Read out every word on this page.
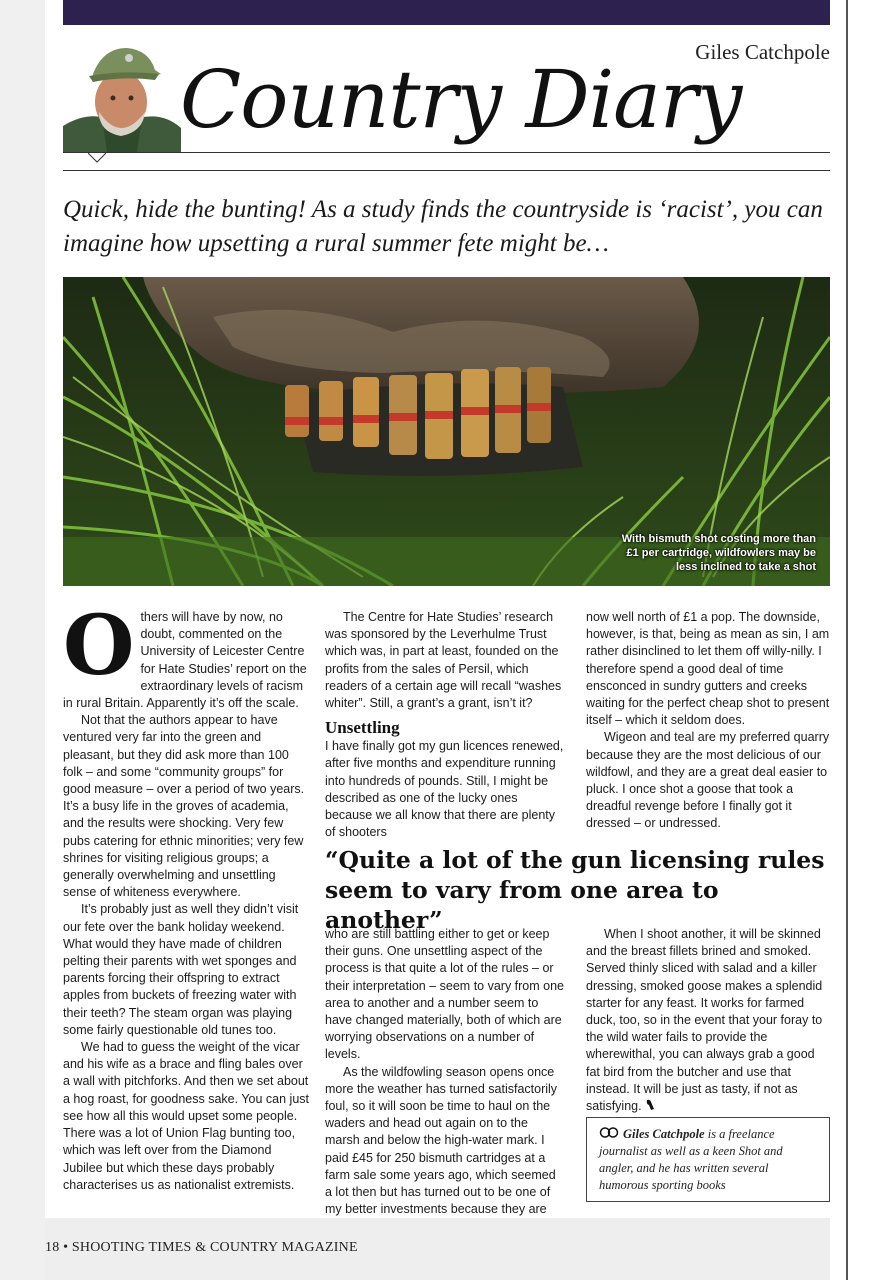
Giles Catchpole
Country Diary
Quick, hide the bunting! As a study finds the countryside is ‘racist’, you can imagine how upsetting a rural summer fete might be…
With bismuth shot costing more than £1 per cartridge, wildfowlers may be less inclined to take a shot

Others will have by now, no doubt, commented on the University of Leicester Centre for Hate Studies’ report on the extraordinary levels of racism in rural Britain. Apparently it’s off the scale.

Not that the authors appear to have ventured very far into the green and pleasant, but they did ask more than 100 folk – and some “community groups” for good measure – over a period of two years. It’s a busy life in the groves of academia, and the results were shocking. Very few pubs catering for ethnic minorities; very few shrines for visiting religious groups; a generally overwhelming and unsettling sense of whiteness everywhere.

It’s probably just as well they didn’t visit our fete over the bank holiday weekend. What would they have made of children pelting their parents with wet sponges and parents forcing their offspring to extract apples from buckets of freezing water with their teeth? The steam organ was playing some fairly questionable old tunes too.

We had to guess the weight of the vicar and his wife as a brace and fling bales over a wall with pitchforks. And then we set about a hog roast, for goodness sake. You can just see how all this would upset some people. There was a lot of Union Flag bunting too, which was left over from the Diamond Jubilee but which these days probably characterises us as nationalist extremists.

The Centre for Hate Studies’ research was sponsored by the Leverhulme Trust which was, in part at least, founded on the profits from the sales of Persil, which readers of a certain age will recall “washes whiter”. Still, a grant’s a grant, isn’t it?

Unsettling

I have finally got my gun licences renewed, after five months and expenditure running into hundreds of pounds. Still, I might be described as one of the lucky ones because we all know that there are plenty of shooters

now well north of £1 a pop. The downside, however, is that, being as mean as sin, I am rather disinclined to let them off willy-nilly. I therefore spend a good deal of time ensconced in sundry gutters and creeks waiting for the perfect cheap shot to present itself – which it seldom does.

Wigeon and teal are my preferred quarry because they are the most delicious of our wildfowl, and they are a great deal easier to pluck. I once shot a goose that took a dreadful revenge before I finally got it dressed – or undressed.

“Quite a lot of the gun licensing rules seem to vary from one area to another”

who are still battling either to get or keep their guns. One unsettling aspect of the process is that quite a lot of the rules – or their interpretation – seem to vary from one area to another and a number seem to have changed materially, both of which are worrying observations on a number of levels.

As the wildfowling season opens once more the weather has turned satisfactorily foul, so it will soon be time to haul on the waders and head out again on to the marsh and below the high-water mark. I paid £45 for 250 bismuth cartridges at a farm sale some years ago, which seemed a lot then but has turned out to be one of my better investments because they are

When I shoot another, it will be skinned and the breast fillets brined and smoked. Served thinly sliced with salad and a killer dressing, smoked goose makes a splendid starter for any feast. It works for farmed duck, too, so in the event that your foray to the wild water fails to provide the wherewithal, you can always grab a good fat bird from the butcher and use that instead. It will be just as tasty, if not as satisfying.

Giles Catchpole is a freelance journalist as well as a keen Shot and angler, and he has written several humorous sporting books
18 • SHOOTING TIMES & COUNTRY MAGAZINE
